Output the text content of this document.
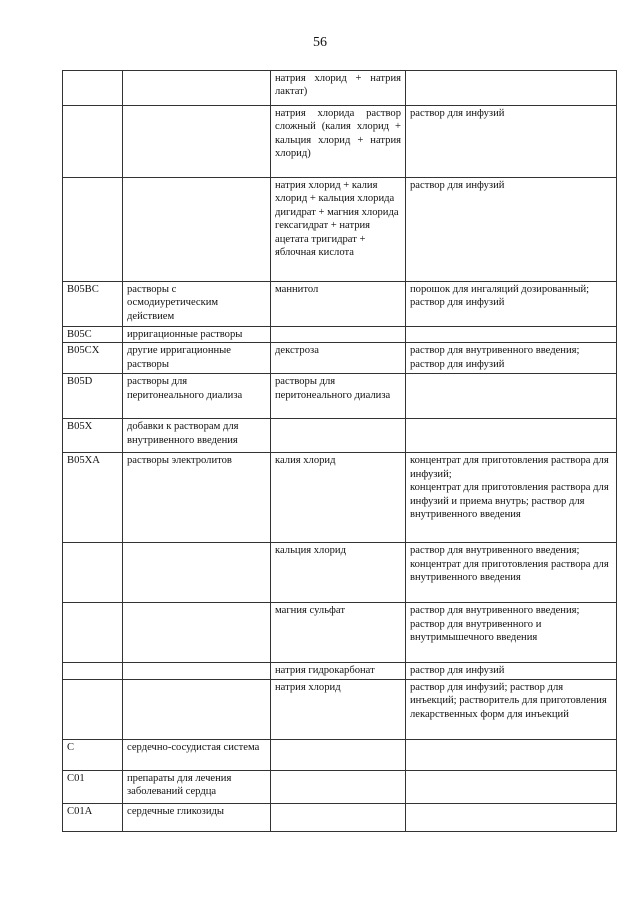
56
		натрия хлорид + натрия лактат)	
		натрия хлорида раствор сложный (калия хлорид + кальция хлорид + натрия хлорид)	раствор для инфузий
		натрия хлорид + калия хлорид + кальция хлорида дигидрат + магния хлорида гексагидрат + натрия ацетата тригидрат + яблочная кислота	раствор для инфузий
B05BC	растворы с осмодиуретическим действием	маннитол	порошок для ингаляций дозированный;
раствор для инфузий
B05C	ирригационные растворы		
B05CX	другие ирригационные растворы	декстроза	раствор для внутривенного введения; раствор для инфузий
B05D	растворы для перитонеального диализа	растворы для перитонеального диализа	
B05X	добавки к растворам для внутривенного введения		
B05XA	растворы электролитов	калия хлорид	концентрат для приготовления раствора для инфузий;
концентрат для приготовления раствора для инфузий и приема внутрь; раствор для внутривенного введения
		кальция хлорид	раствор для внутривенного введения; концентрат для приготовления раствора для внутривенного введения
		магния сульфат	раствор для внутривенного введения;
раствор для внутривенного и внутримышечного введения
		натрия гидрокарбонат	раствор для инфузий
		натрия хлорид	раствор для инфузий; раствор для инъекций; растворитель для приготовления лекарственных форм для инъекций
C	сердечно-сосудистая система		
C01	препараты для лечения заболеваний сердца		
C01A	сердечные гликозиды		
